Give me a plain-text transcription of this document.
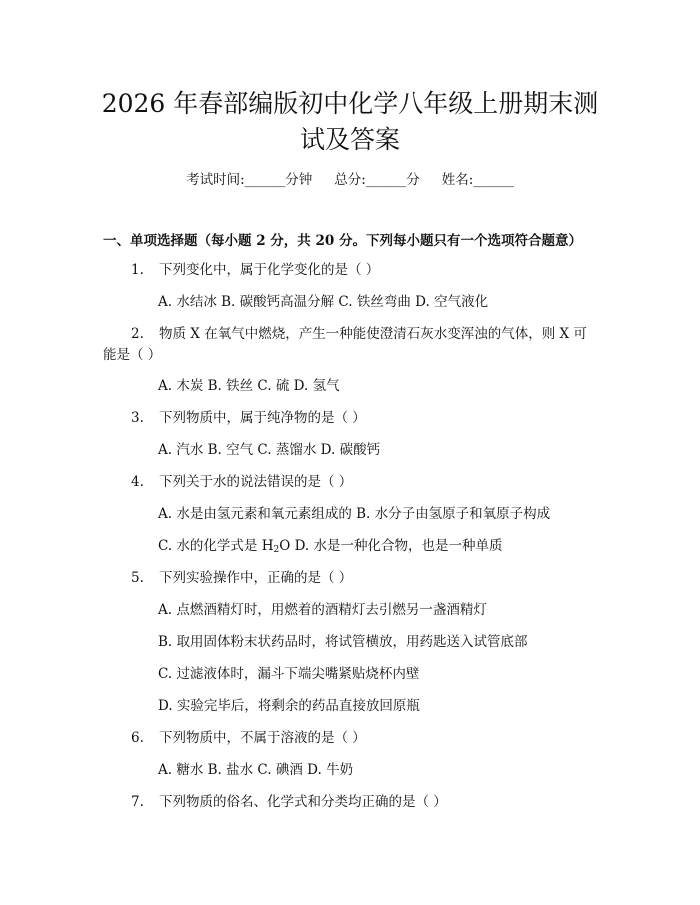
2026 年春部编版初中化学八年级上册期末测
试及答案
考试时间:______分钟 总分:______分 姓名:______
一、单项选择题（每小题 2 分，共 20 分。下列每小题只有一个选项符合题意）
1. 下列变化中，属于化学变化的是（ ）
A. 水结冰 B. 碳酸钙高温分解 C. 铁丝弯曲 D. 空气液化
2. 物质 X 在氧气中燃烧，产生一种能使澄清石灰水变浑浊的气体，则 X 可
能是（ ）
A. 木炭 B. 铁丝 C. 硫 D. 氢气
3. 下列物质中，属于纯净物的是（ ）
A. 汽水 B. 空气 C. 蒸馏水 D. 碳酸钙
4. 下列关于水的说法错误的是（ ）
A. 水是由氢元素和氧元素组成的 B. 水分子由氢原子和氧原子构成
C. 水的化学式是 $H_2O$ D. 水是一种化合物，也是一种单质
5. 下列实验操作中，正确的是（ ）
A. 点燃酒精灯时，用燃着的酒精灯去引燃另一盏酒精灯
B. 取用固体粉末状药品时，将试管横放，用药匙送入试管底部
C. 过滤液体时，漏斗下端尖嘴紧贴烧杯内壁
D. 实验完毕后，将剩余的药品直接放回原瓶
6. 下列物质中，不属于溶液的是（ ）
A. 糖水 B. 盐水 C. 碘酒 D. 牛奶
7. 下列物质的俗名、化学式和分类均正确的是（ ）
